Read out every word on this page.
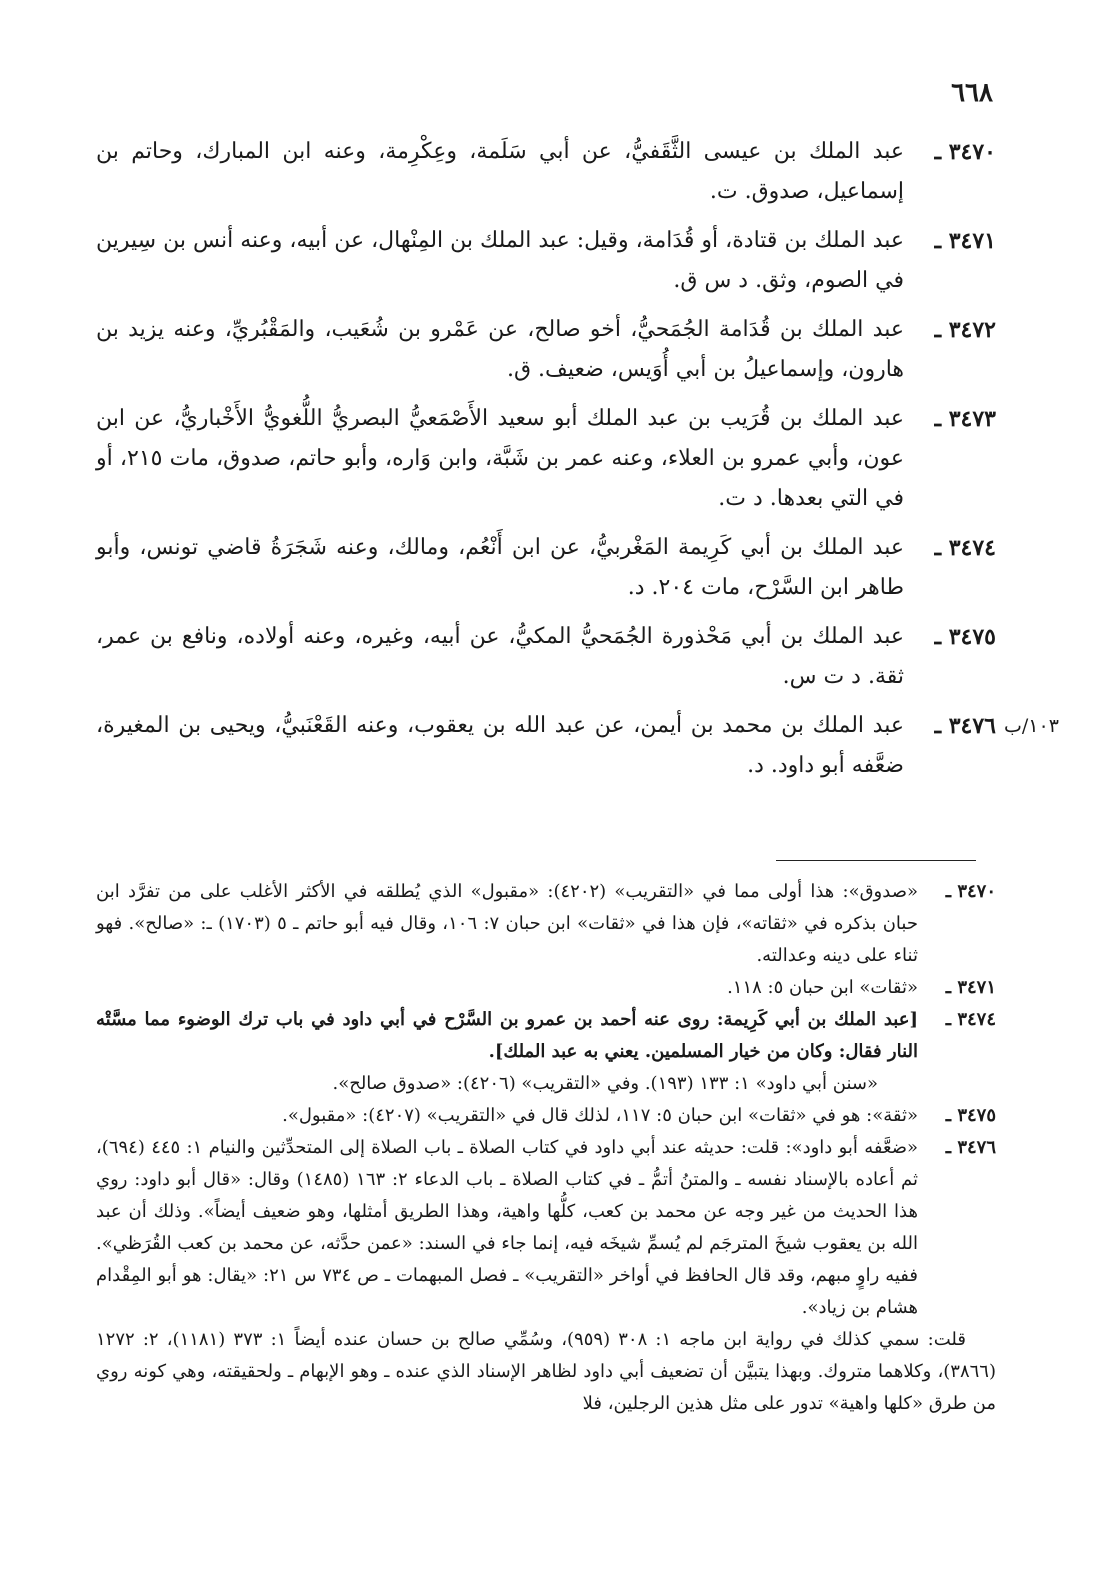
٦٦٨
٣٤٧٠ ـ
عبد الملك بن عيسى الثَّقَفيُّ، عن أبي سَلَمة، وعِكْرِمة، وعنه ابن المبارك، وحاتم بن إسماعيل، صدوق. ت.
٣٤٧١ ـ
عبد الملك بن قتادة، أو قُدَامة، وقيل: عبد الملك بن المِنْهال، عن أبيه، وعنه أنس بن سِيرين في الصوم، وثق. د س ق.
٣٤٧٢ ـ
عبد الملك بن قُدَامة الجُمَحيُّ، أخو صالح، عن عَمْرو بن شُعَيب، والمَقْبُريِّ، وعنه يزيد بن هارون، وإسماعيلُ بن أبي أُوَيس، ضعيف. ق.
٣٤٧٣ ـ
عبد الملك بن قُرَيب بن عبد الملك أبو سعيد الأَصْمَعيُّ البصريُّ اللُّغويُّ الأَخْباريُّ، عن ابن عون، وأبي عمرو بن العلاء، وعنه عمر بن شَبَّة، وابن وَاره، وأبو حاتم، صدوق، مات ٢١٥، أو في التي بعدها. د ت.
٣٤٧٤ ـ
عبد الملك بن أبي كَرِيمة المَغْربيُّ، عن ابن أَنْعُم، ومالك، وعنه شَجَرَةُ قاضي تونس، وأبو طاهر ابن السَّرْح، مات ٢٠٤. د.
٣٤٧٥ ـ
عبد الملك بن أبي مَحْذورة الجُمَحيُّ المكيُّ، عن أبيه، وغيره، وعنه أولاده، ونافع بن عمر، ثقة. د ت س.
١٠٣/ب
٣٤٧٦ ـ
عبد الملك بن محمد بن أيمن، عن عبد الله بن يعقوب، وعنه القَعْنَبيُّ، ويحيى بن المغيرة، ضعَّفه أبو داود. د.
٣٤٧٠ ـ
«صدوق»: هذا أولى مما في «التقريب» (٤٢٠٢): «مقبول» الذي يُطلقه في الأكثر الأغلب على من تفرَّد ابن حبان بذكره في «ثقاته»، فإن هذا في «ثقات» ابن حبان ٧: ١٠٦، وقال فيه أبو حاتم ـ ٥ (١٧٠٣) ـ: «صالح». فهو ثناء على دينه وعدالته.
٣٤٧١ ـ
«ثقات» ابن حبان ٥: ١١٨.
٣٤٧٤ ـ
[عبد الملك بن أبي كَرِيمة: روى عنه أحمد بن عمرو بن السَّرْح في أبي داود في باب ترك الوضوء مما مسَّتْه النار فقال: وكان من خيار المسلمين. يعني به عبد الملك].
«سنن أبي داود» ١: ١٣٣ (١٩٣). وفي «التقريب» (٤٢٠٦): «صدوق صالح».
٣٤٧٥ ـ
«ثقة»: هو في «ثقات» ابن حبان ٥: ١١٧، لذلك قال في «التقريب» (٤٢٠٧): «مقبول».
٣٤٧٦ ـ
«ضعَّفه أبو داود»: قلت: حديثه عند أبي داود في كتاب الصلاة ـ باب الصلاة إلى المتحدِّثين والنيام ١: ٤٤٥ (٦٩٤)، ثم أعاده بالإسناد نفسه ـ والمتنُ أتمُّ ـ في كتاب الصلاة ـ باب الدعاء ٢: ١٦٣ (١٤٨٥) وقال: «قال أبو داود: روي هذا الحديث من غير وجه عن محمد بن كعب، كلُّها واهية، وهذا الطريق أمثلها، وهو ضعيف أيضاً». وذلك أن عبد الله بن يعقوب شيخَ المترجَم لم يُسمِّ شيخَه فيه، إنما جاء في السند: «عمن حدَّثه، عن محمد بن كعب القُرَظي». ففيه راوٍ مبهم، وقد قال الحافظ في أواخر «التقريب» ـ فصل المبهمات ـ ص ٧٣٤ س ٢١: «يقال: هو أبو المِقْدام هشام بن زياد».
قلت: سمي كذلك في رواية ابن ماجه ١: ٣٠٨ (٩٥٩)، وسُمِّي صالح بن حسان عنده أيضاً ١: ٣٧٣ (١١٨١)، ٢: ١٢٧٢ (٣٨٦٦)، وكلاهما متروك. وبهذا يتبيَّن أن تضعيف أبي داود لظاهر الإسناد الذي عنده ـ وهو الإبهام ـ ولحقيقته، وهي كونه روي من طرق «كلها واهية» تدور على مثل هذين الرجلين، فلا
